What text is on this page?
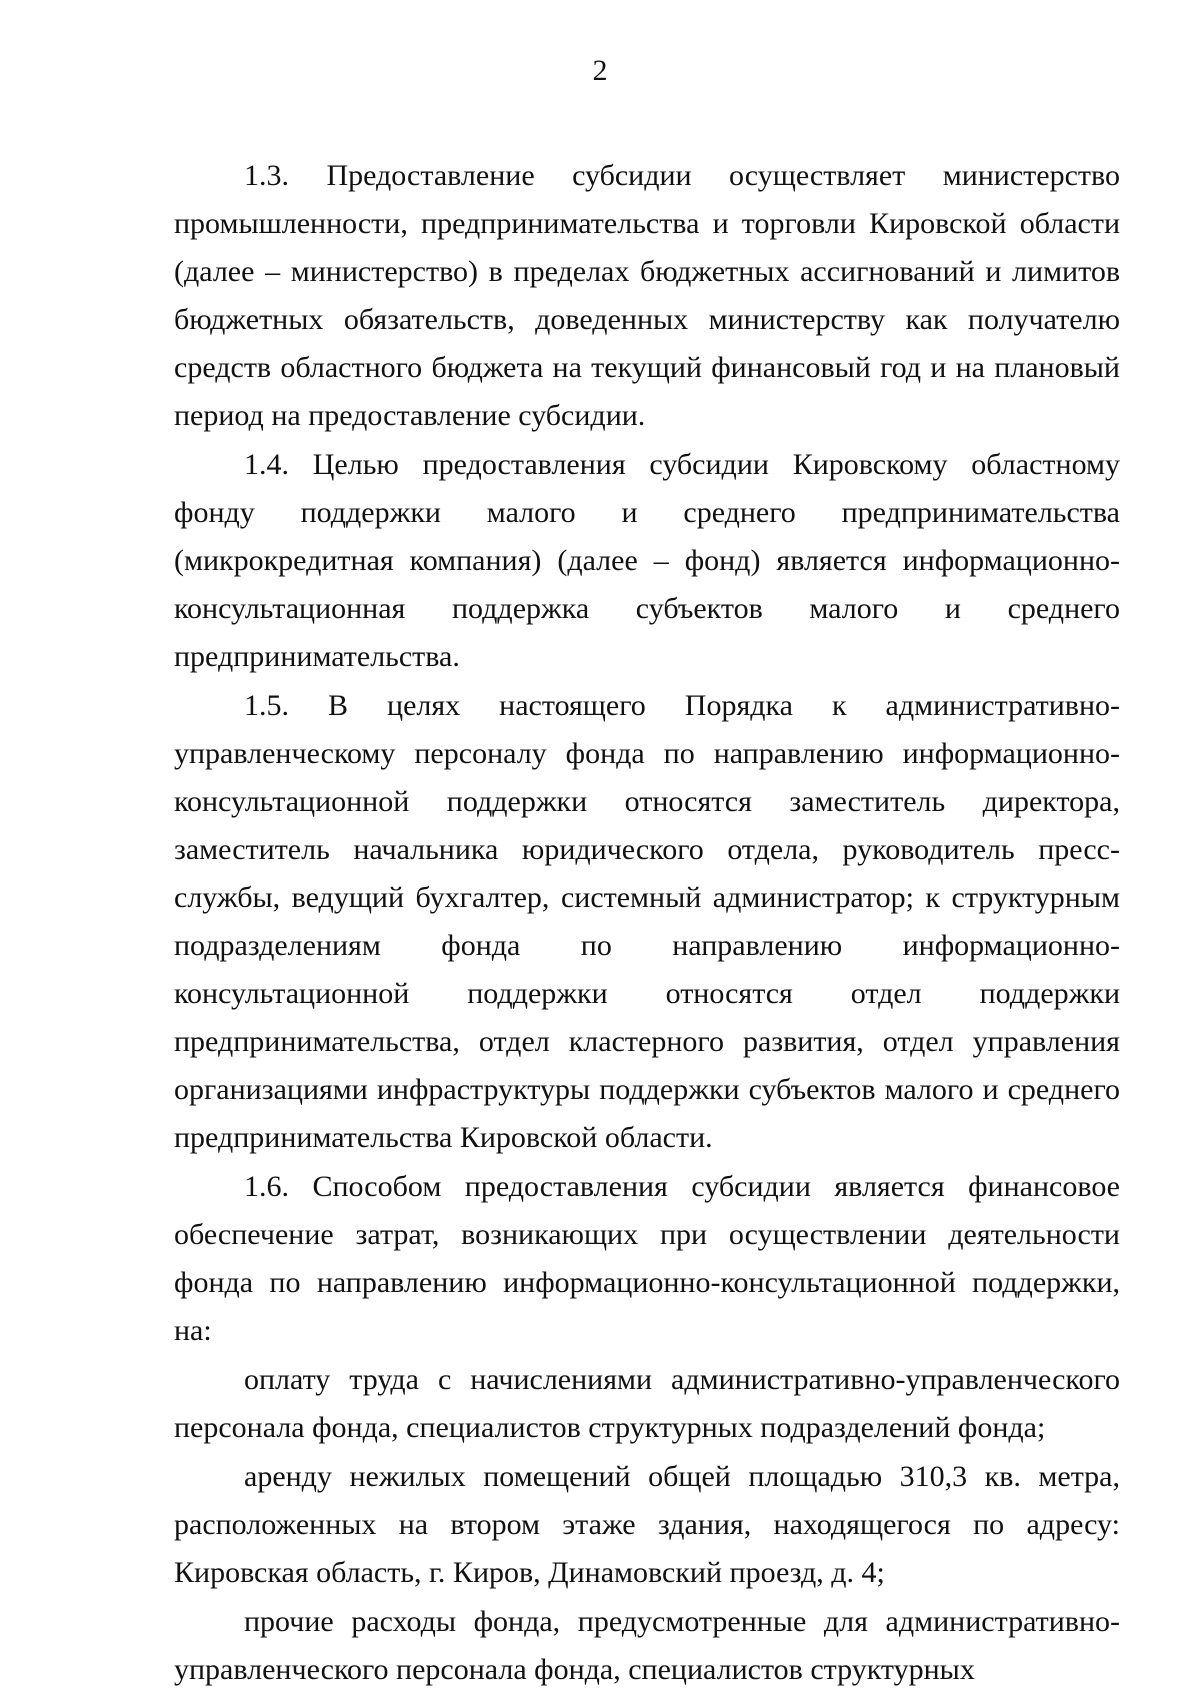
2

1.3. Предоставление субсидии осуществляет министерство промышленности, предпринимательства и торговли Кировской области (далее – министерство) в пределах бюджетных ассигнований и лимитов бюджетных обязательств, доведенных министерству как получателю средств областного бюджета на текущий финансовый год и на плановый период на предоставление субсидии.

1.4. Целью предоставления субсидии Кировскому областному фонду поддержки малого и среднего предпринимательства (микрокредитная компания) (далее – фонд) является информационно-консультационная поддержка субъектов малого и среднего предпринимательства.

1.5. В целях настоящего Порядка к административно-управленческому персоналу фонда по направлению информационно-консультационной поддержки относятся заместитель директора, заместитель начальника юридического отдела, руководитель пресс-службы, ведущий бухгалтер, системный администратор; к структурным подразделениям фонда по направлению информационно-консультационной поддержки относятся отдел поддержки предпринимательства, отдел кластерного развития, отдел управления организациями инфраструктуры поддержки субъектов малого и среднего предпринимательства Кировской области.

1.6. Способом предоставления субсидии является финансовое обеспечение затрат, возникающих при осуществлении деятельности фонда по направлению информационно-консультационной поддержки, на:

оплату труда с начислениями административно-управленческого персонала фонда, специалистов структурных подразделений фонда;

аренду нежилых помещений общей площадью 310,3 кв. метра, расположенных на втором этаже здания, находящегося по адресу: Кировская область, г. Киров, Динамовский проезд, д. 4;

прочие расходы фонда, предусмотренные для административно-управленческого персонала фонда, специалистов структурных
